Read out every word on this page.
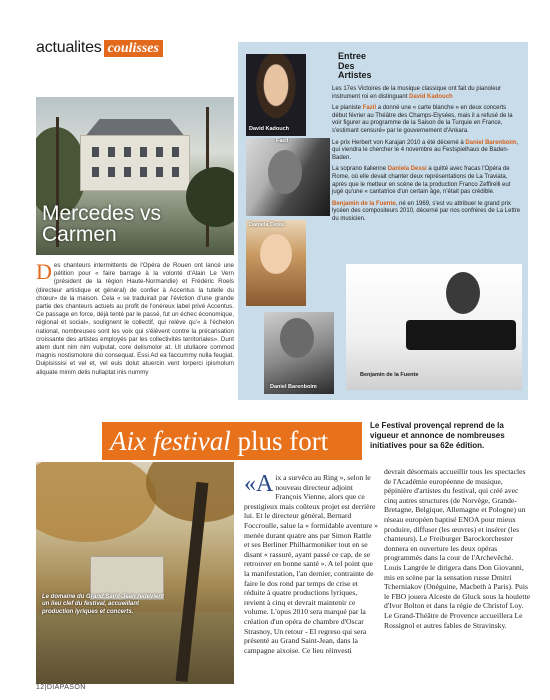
actualites coulisses
Mercedes vs
Carmen
D es chanteurs intermittents de l'Opéra de Rouen ont lancé une pétition pour « faire barrage à la volonté d'Alain Le Vern (président de la région Haute-Normandie) et Frédéric Roels (directeur artistique et général) de confier à Accentus la tutelle du chœur» de la maison. Cela « se traduirait par l'éviction d'une grande partie des chanteurs actuels au profit de l'onéreux label privé Accentus. Ce passage en force, déjà tenté par le passé, fut un échec économique, régional et social», soulignent le collectif, qui relève qu'« à l'échelon national, nombreuses sont les voix qui s'élèvent contre la précarisation croissante des artistes employés par les collectivités territoriales». Dunt atem dunt nim nim vulputat, core delismolor at. Ut utullaore commod magnis nostismolore dio consequat. Essi Ad ea faccummy nulla feugiat. Duipisissisi et vel et, vel euis dolut atuercin vent lorperci ipismolum aliquate minim delis nullaptat inis nummy
Entree
Des
Artistes
David Kadouch
Fazil
Daniela Dessi
Daniel Barenboim
Benjamin de la Fuente

Les 17es Victoires de la musique classique ont fait du pianoleur instrument roi en distinguant David Kadouch

Le pianiste Fazil a donné une « carte blanche » en deux concerts début février au Théâtre des Champs-Elysées, mais il a refusé de la voir figurer au programme de la Saison de la Turquie en France, s'estimant censuré» par le gouvernement d'Ankara.

Le prix Herbert von Karajan 2010 a été décerné à Daniel Barenboim, qui viendra le chercher le 4 novembre au Festspielhaus de Baden-Baden.

La soprano italienne Daniela Dessi a quitté avec fracas l'Opéra de Rome, où elle devait chanter deux représentations de La Traviata, après que le metteur en scène de la production Franco Zeffirelli eut jugé qu'une « cantatrice d'un certain âge, n'était pas crédible.

Benjamin de la Fuente, né en 1969, s'est vu attribuer le grand prix lycéen des compositeurs 2010, décerné par nos confrères de La Lettre du musicien.

Aix festival plus fort
Le Festival provençal reprend de la vigueur et annonce de nombreuses initiatives pour sa 62e édition.
Le domaine du Grand Saint-Jean redevient un lieu clef du festival, accueillant production lyriques et concerts.
«A ix a survécu au Ring », selon le nouveau directeur adjoint François Vienne, alors que ce prestigieux mais coûteux projet est derrière lui. Et le directeur général, Bernard Foccroulle, salue la « formidable aventure » menée durant quatre ans par Simon Rattle et ses Berliner Philharmoniker tout en se disant « rassuré, ayant passé ce cap, de se retrouver en bonne santé ». A tel point que la manifestation, l'an dernier, contrainte de faire le dos rond par temps de crise et réduite à quatre productions lyriques, revient à cinq et devrait maintenir ce volume. L'opus 2010 sera marqué par la création d'un opéra de chambre d'Oscar Strasnoy, Un retour - El regreso qui sera présenté au Grand Saint-Jean, dans la campagne aixoise. Ce lieu réinvesti
devrait désormais accueillir tous les spectacles de l'Académie européenne de musique, pépinière d'artistes du festival, qui créé avec cinq autres structures (de Norvège, Grande-Bretagne, Belgique, Allemagne et Pologne) un réseau européen baptisé ENOA pour mieux produire, diffuser (les œuvres) et insérer (les chanteurs). Le Freiburger Barockorchester donnera en ouverture les deux opéras programmés dans la cour de l'Archevêché. Louis Langrée le dirigera dans Don Giovanni, mis en scène par la sensation russe Dmitri Tcherniakov (Onéguine, Macbeth à Paris). Puis le FBO jouera Alceste de Gluck sous la houlette d'Ivor Bolton et dans la régie de Christof Loy. Le Grand-Théâtre de Provence accueillera Le Rossignol et autres fables de Stravinsky.
12|DIAPASON
